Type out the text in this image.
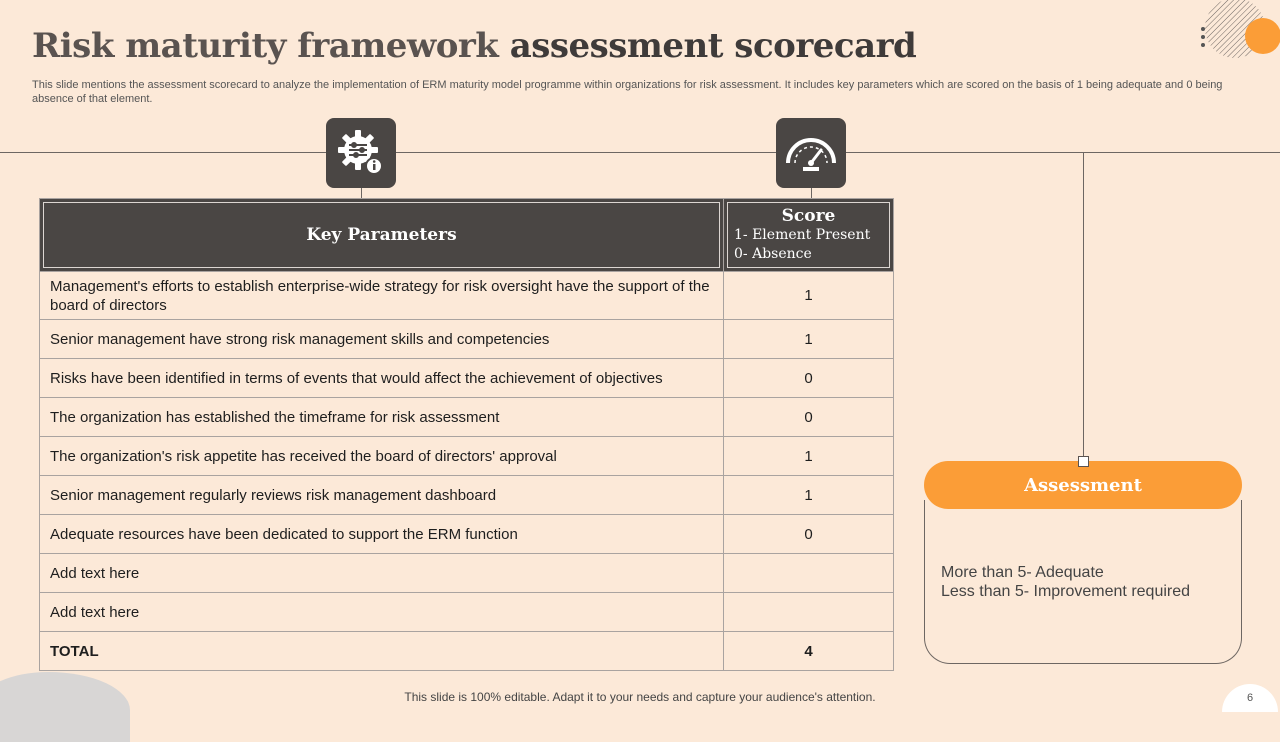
Risk maturity framework assessment scorecard
This slide mentions the assessment scorecard to analyze the implementation of ERM maturity model programme within organizations for risk assessment. It includes key parameters which are scored on the basis of 1 being adequate and 0 being absence of that element.
Key Parameters	Score
1- Element Present
0- Absence

Management's efforts to establish enterprise-wide strategy for risk oversight have the support of the board of directors	1
Senior management have strong risk management skills and competencies	1
Risks have been identified in terms of events that would affect the achievement of objectives	0
The organization has established the timeframe for risk assessment	0
The organization's risk appetite has received the board of directors' approval	1
Senior management regularly reviews risk management dashboard	1
Adequate resources have been dedicated to support the ERM function	0
Add text here	
Add text here	
TOTAL	4
Assessment
More than 5- Adequate
Less than 5- Improvement required
This slide is 100% editable. Adapt it to your needs and capture your audience's attention.	6
